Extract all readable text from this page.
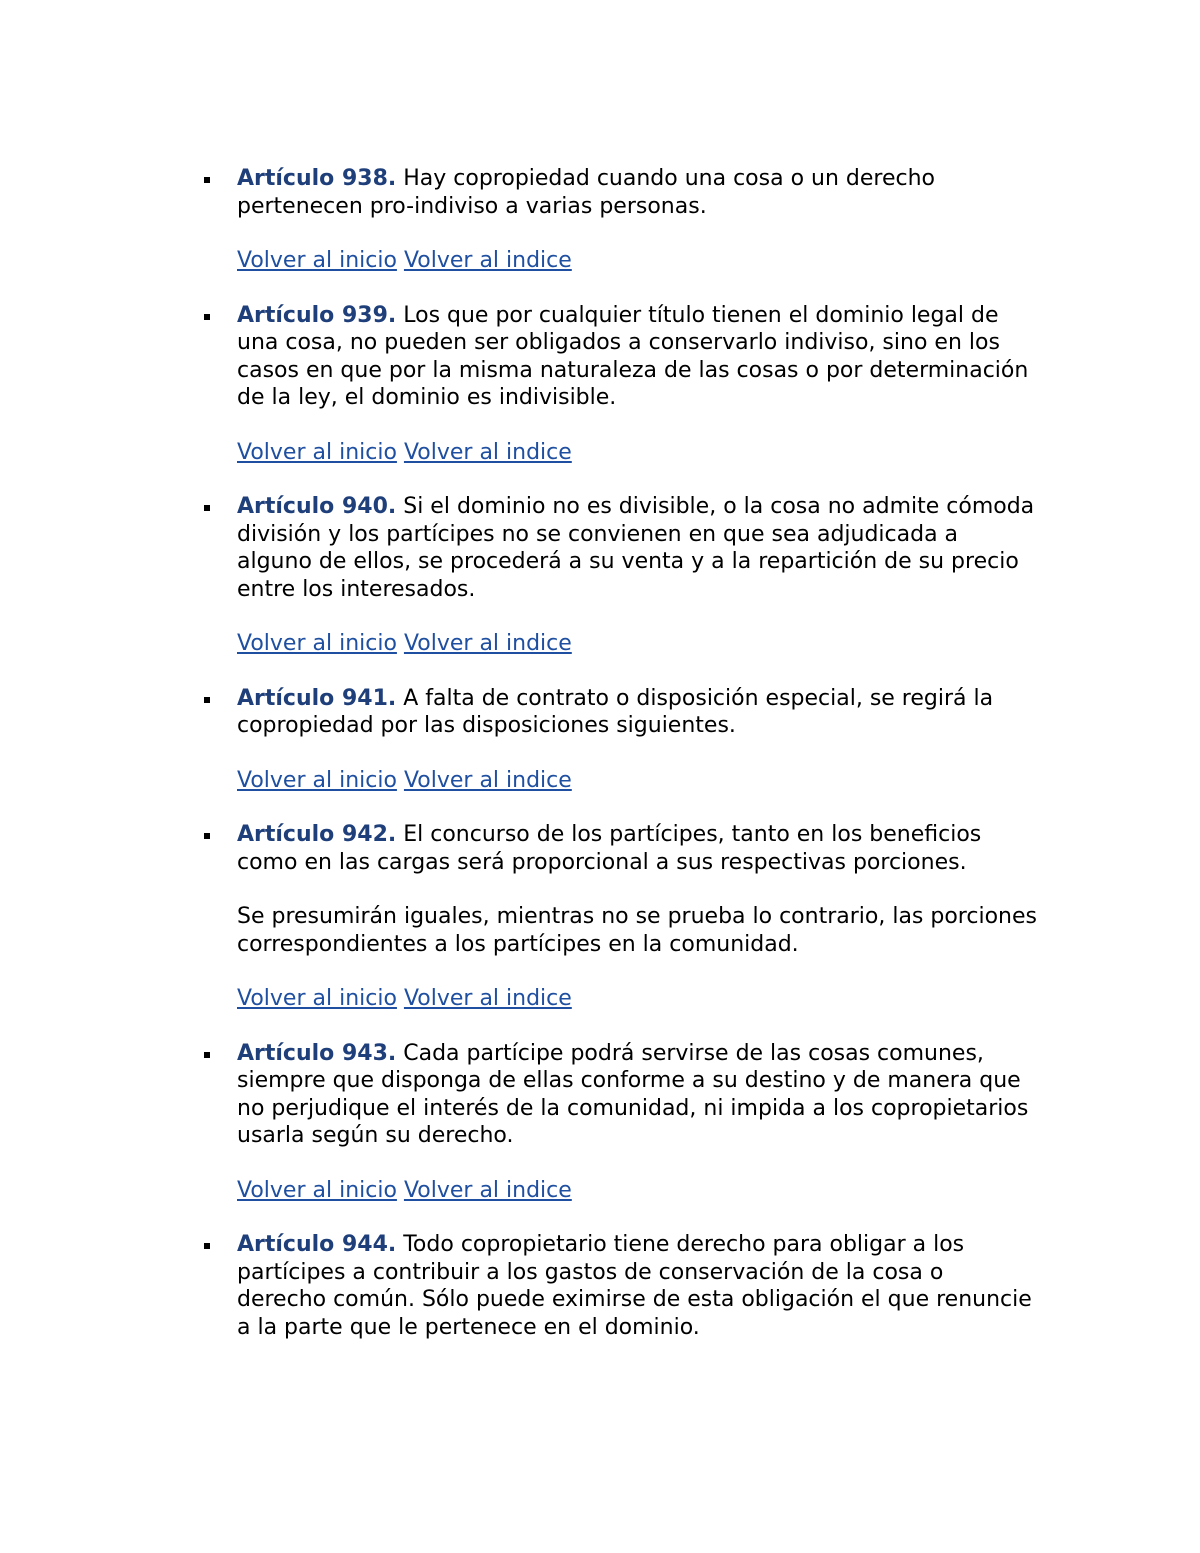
Artículo 938. Hay copropiedad cuando una cosa o un derecho pertenecen pro-indiviso a varias personas.

Volver al inicio Volver al indice

Artículo 939. Los que por cualquier título tienen el dominio legal de una cosa, no pueden ser obligados a conservarlo indiviso, sino en los casos en que por la misma naturaleza de las cosas o por determinación de la ley, el dominio es indivisible.

Volver al inicio Volver al indice

Artículo 940. Si el dominio no es divisible, o la cosa no admite cómoda división y los partícipes no se convienen en que sea adjudicada a alguno de ellos, se procederá a su venta y a la repartición de su precio entre los interesados.

Volver al inicio Volver al indice

Artículo 941. A falta de contrato o disposición especial, se regirá la copropiedad por las disposiciones siguientes.

Volver al inicio Volver al indice

Artículo 942. El concurso de los partícipes, tanto en los beneficios como en las cargas será proporcional a sus respectivas porciones.

Se presumirán iguales, mientras no se prueba lo contrario, las porciones correspondientes a los partícipes en la comunidad.

Volver al inicio Volver al indice

Artículo 943. Cada partícipe podrá servirse de las cosas comunes, siempre que disponga de ellas conforme a su destino y de manera que no perjudique el interés de la comunidad, ni impida a los copropietarios usarla según su derecho.

Volver al inicio Volver al indice

Artículo 944. Todo copropietario tiene derecho para obligar a los partícipes a contribuir a los gastos de conservación de la cosa o derecho común. Sólo puede eximirse de esta obligación el que renuncie a la parte que le pertenece en el dominio.
